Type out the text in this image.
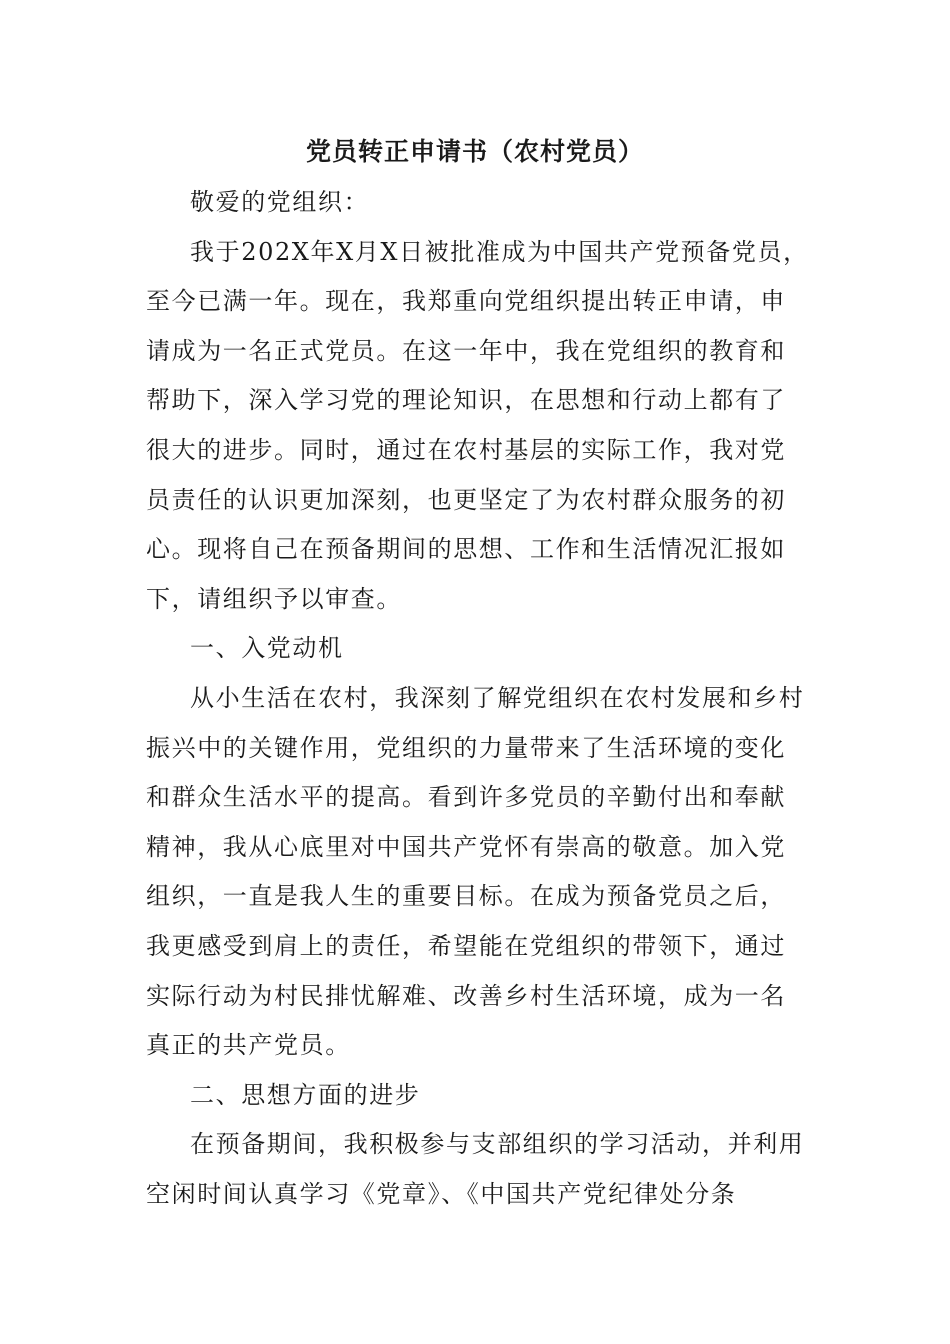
党员转正申请书（农村党员）
敬爱的党组织：
我于202X年X月X日被批准成为中国共产党预备党员，
至今已满一年。现在，我郑重向党组织提出转正申请，申
请成为一名正式党员。在这一年中，我在党组织的教育和
帮助下，深入学习党的理论知识，在思想和行动上都有了
很大的进步。同时，通过在农村基层的实际工作，我对党
员责任的认识更加深刻，也更坚定了为农村群众服务的初
心。现将自己在预备期间的思想、工作和生活情况汇报如
下，请组织予以审查。
一、入党动机
从小生活在农村，我深刻了解党组织在农村发展和乡村
振兴中的关键作用，党组织的力量带来了生活环境的变化
和群众生活水平的提高。看到许多党员的辛勤付出和奉献
精神，我从心底里对中国共产党怀有崇高的敬意。加入党
组织，一直是我人生的重要目标。在成为预备党员之后，
我更感受到肩上的责任，希望能在党组织的带领下，通过
实际行动为村民排忧解难、改善乡村生活环境，成为一名
真正的共产党员。
二、思想方面的进步
在预备期间，我积极参与支部组织的学习活动，并利用
空闲时间认真学习《党章》、《中国共产党纪律处分条
